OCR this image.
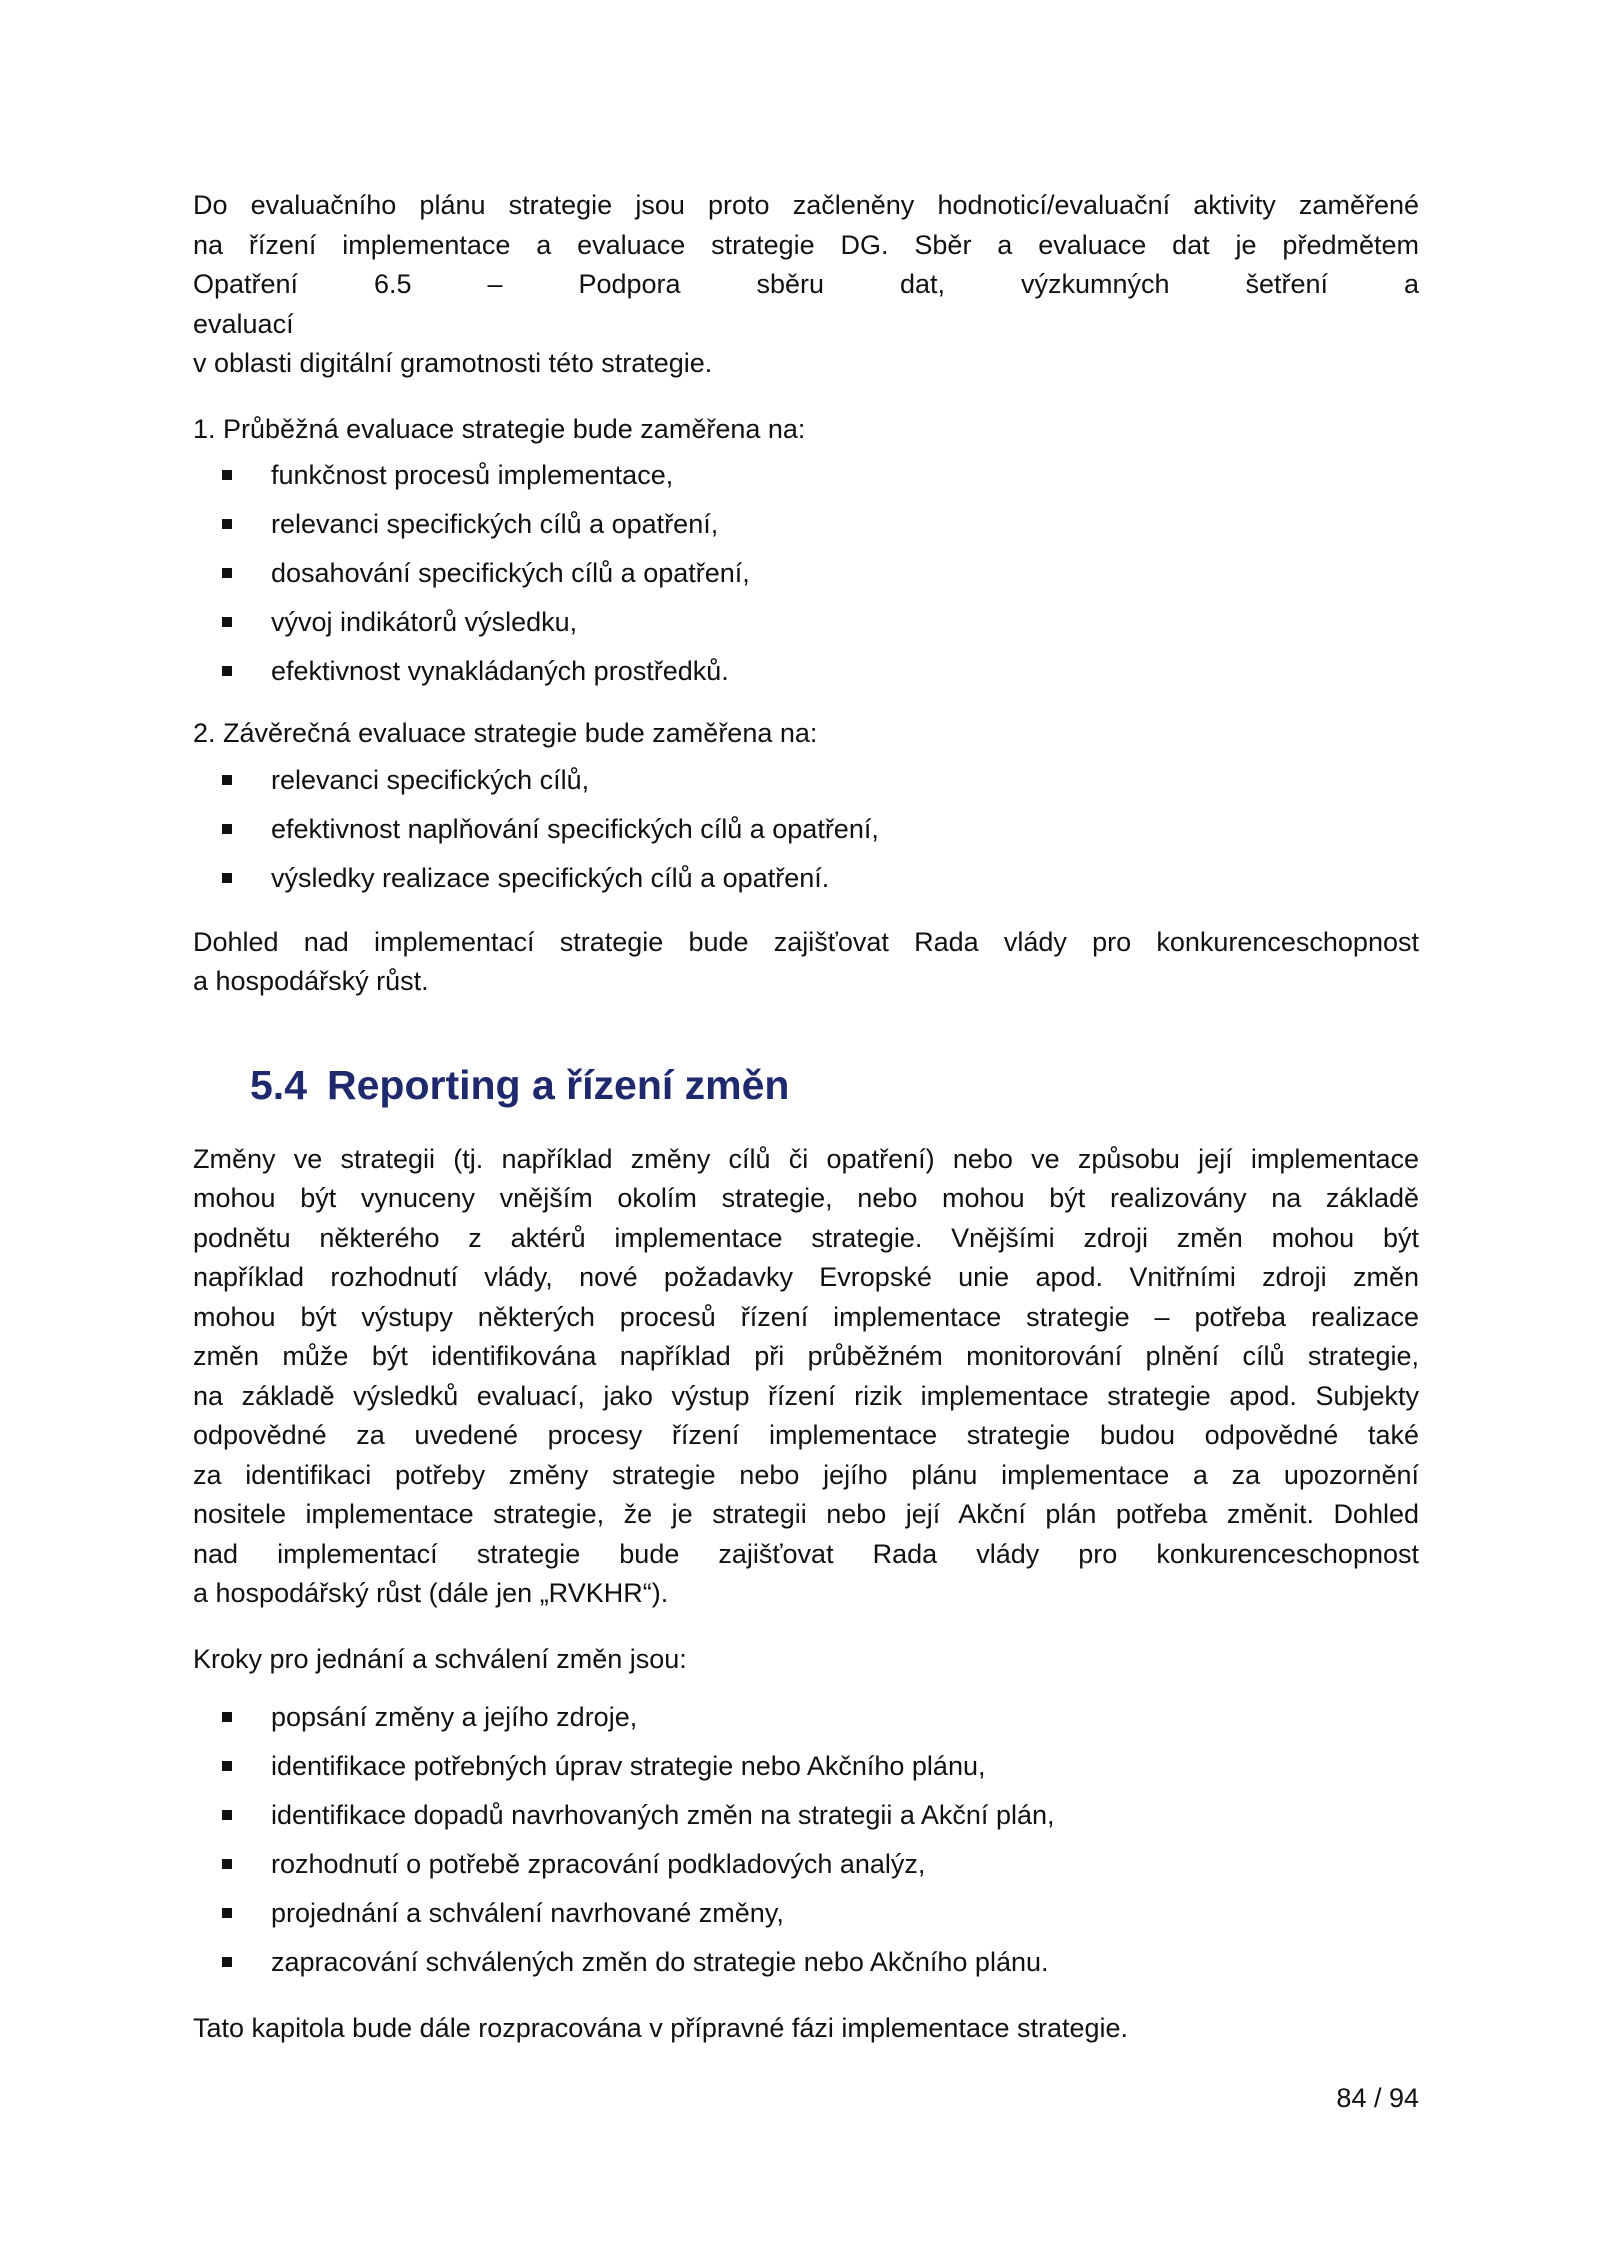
Do evaluačního plánu strategie jsou proto začleněny hodnoticí/evaluační aktivity zaměřené

na řízení implementace a evaluace strategie DG. Sběr a evaluace dat je předmětem

Opatření 6.5 – Podpora sběru dat, výzkumných šetření a evaluací

v oblasti digitální gramotnosti této strategie.

1. Průběžná evaluace strategie bude zaměřena na:

funkčnost procesů implementace,
relevanci specifických cílů a opatření,
dosahování specifických cílů a opatření,
vývoj indikátorů výsledku,
efektivnost vynakládaných prostředků.

2. Závěrečná evaluace strategie bude zaměřena na:

relevanci specifických cílů,
efektivnost naplňování specifických cílů a opatření,
výsledky realizace specifických cílů a opatření.

Dohled nad implementací strategie bude zajišťovat Rada vlády pro konkurenceschopnost

a hospodářský růst.

5.4 Reporting a řízení změn

Změny ve strategii (tj. například změny cílů či opatření) nebo ve způsobu její implementace

mohou být vynuceny vnějším okolím strategie, nebo mohou být realizovány na základě

podnětu některého z aktérů implementace strategie. Vnějšími zdroji změn mohou být

například rozhodnutí vlády, nové požadavky Evropské unie apod. Vnitřními zdroji změn

mohou být výstupy některých procesů řízení implementace strategie – potřeba realizace

změn může být identifikována například při průběžném monitorování plnění cílů strategie,

na základě výsledků evaluací, jako výstup řízení rizik implementace strategie apod. Subjekty

odpovědné za uvedené procesy řízení implementace strategie budou odpovědné také

za identifikaci potřeby změny strategie nebo jejího plánu implementace a za upozornění

nositele implementace strategie, že je strategii nebo její Akční plán potřeba změnit. Dohled

nad implementací strategie bude zajišťovat Rada vlády pro konkurenceschopnost

a hospodářský růst (dále jen „RVKHR“).

Kroky pro jednání a schválení změn jsou:

popsání změny a jejího zdroje,
identifikace potřebných úprav strategie nebo Akčního plánu,
identifikace dopadů navrhovaných změn na strategii a Akční plán,
rozhodnutí o potřebě zpracování podkladových analýz,
projednání a schválení navrhované změny,
zapracování schválených změn do strategie nebo Akčního plánu.

Tato kapitola bude dále rozpracována v přípravné fázi implementace strategie.

84 / 94
